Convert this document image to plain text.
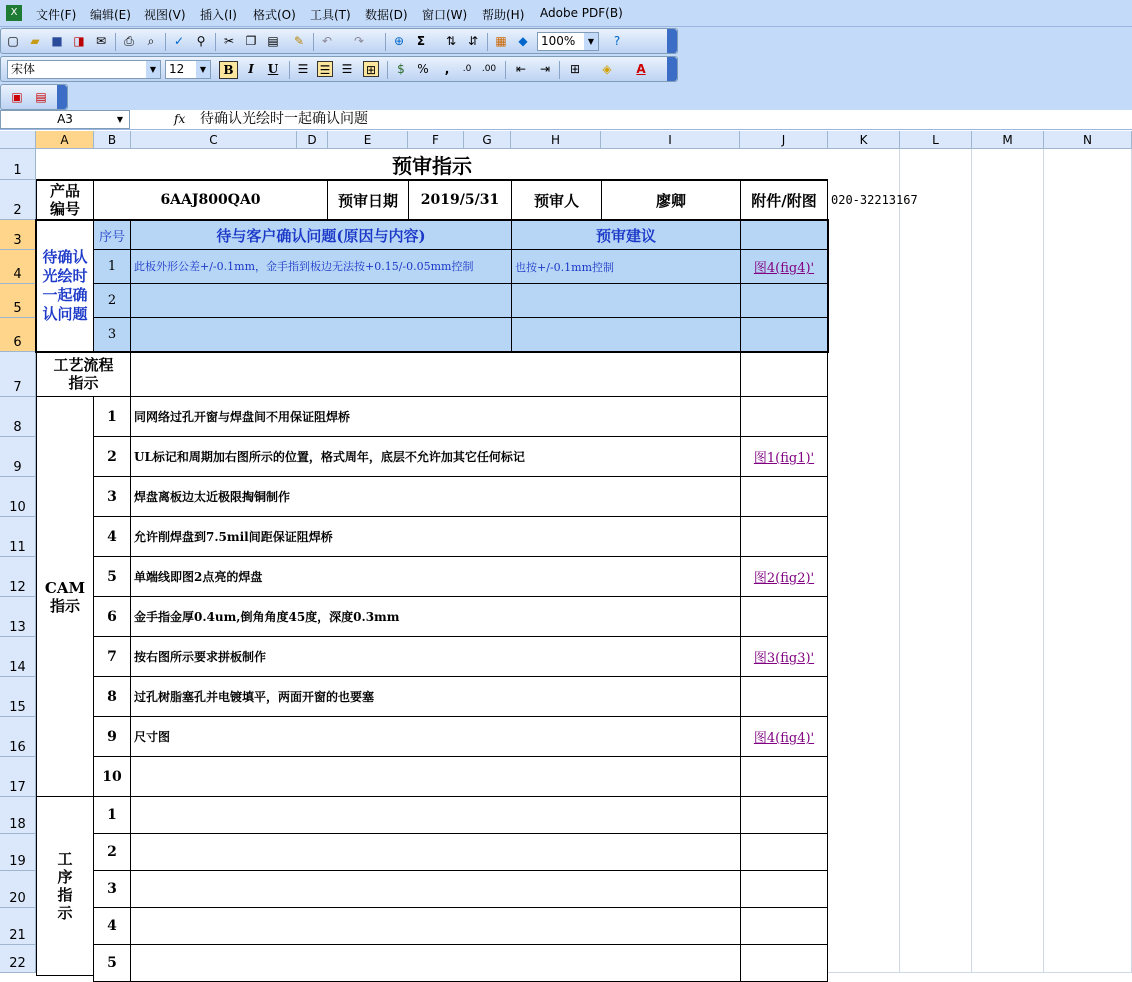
X	文件(F) 编辑(E) 视图(V) 插入(I) 格式(O) 工具(T) 数据(D) 窗口(W) 帮助(H) Adobe PDF(B)
▢ ▰ ■ ◨ ✉ ⎙	⌕	✓ ⚲	✂ ❐ ▤ ✎ ↶ ↷ ⊕	Σ	⇅ ⇵ ▦ ◆	100%	▼	?
宋体	▼	12	▼	B	I	U ☰ ☰ ☰ ⊞	$	%	,	.0	.00 ⇤ ⇥ ⊞ ◈ A
▣ ▤
A3	▼	fx 待确认光绘时一起确认问题
A	B	C	D	E	F	G	H	I	J	K	L	M	N
1
2
3
4
5
6
7
8
9
10
11
12
13
14
15
16
17
18
19
20
21
22
预审指示
产品编号	6AAJ800QA0	预审日期	2019/5/31	预审人	廖卿	附件/附图	020-32213167
待确认光绘时一起确认问题
序号	待与客户确认问题(原因与内容)	预审建议
1	此板外形公差+/-0.1mm，金手指到板边无法按+0.15/-0.05mm控制	也按+/-0.1mm控制	图4(fig4)'
2
3
工艺流程指示
CAM指示
1	同网络过孔开窗与焊盘间不用保证阻焊桥
2	UL标记和周期加右图所示的位置，格式周年，底层不允许加其它任何标记	图1(fig1)'
3	焊盘离板边太近极限掏铜制作
4	允许削焊盘到7.5mil间距保证阻焊桥
5	单端线即图2点亮的焊盘	图2(fig2)'
6	金手指金厚0.4um,倒角角度45度，深度0.3mm
7	按右图所示要求拼板制作	图3(fig3)'
8	过孔树脂塞孔并电镀填平，两面开窗的也要塞
9	尺寸图	图4(fig4)'
10
工序指示
1
2
3
4
5
